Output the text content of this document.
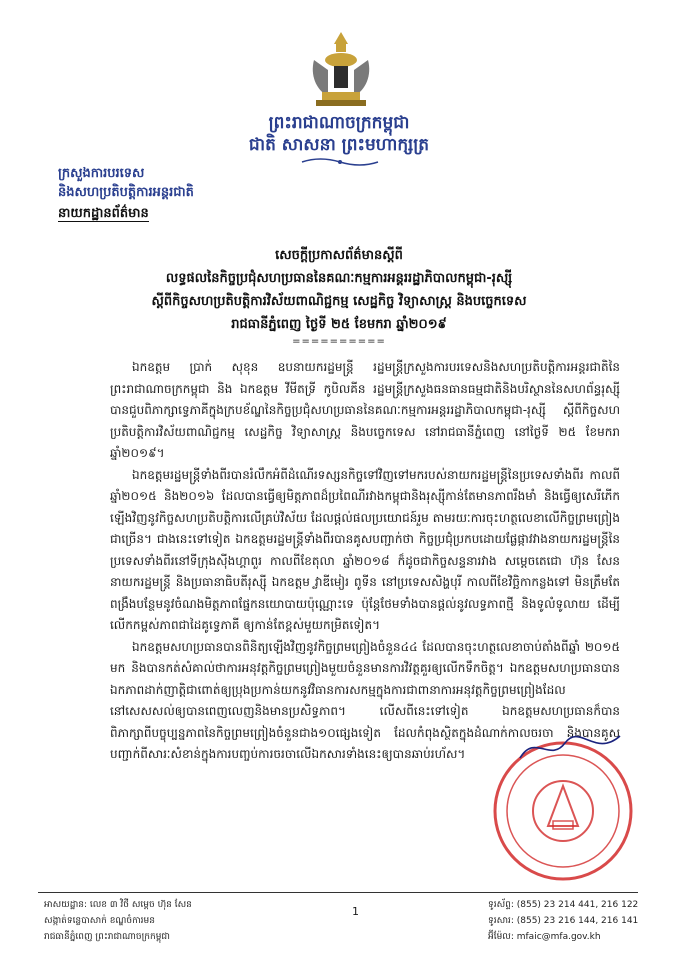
ព្រះរាជាណាចក្រកម្ពុជា
ជាតិ សាសនា ព្រះមហាក្សត្រ
ក្រសួងការបរទេស
និងសហប្រតិបត្តិការអន្តរជាតិ
នាយកដ្ឋានព័ត៌មាន
សេចក្តីប្រកាសព័ត៌មានស្តីពី
លទ្ធផលនៃកិច្ចប្រជុំសហប្រធាននៃគណៈកម្មការអន្តររដ្ឋាភិបាលកម្ពុជា-រុស្ស៊ី
ស្តីពីកិច្ចសហប្រតិបត្តិការវិស័យពាណិជ្ជកម្ម សេដ្ឋកិច្ច វិទ្យាសាស្ត្រ និងបច្ចេកទេស
រាជធានីភ្នំពេញ ថ្ងៃទី ២៥ ខែមករា ឆ្នាំ២០១៩
==========

ឯកឧត្តម ប្រាក់ សុខុន ឧបនាយករដ្ឋមន្ត្រី រដ្ឋមន្ត្រីក្រសួងការបរទេសនិងសហប្រតិបត្តិការអន្តរជាតិនៃព្រះរាជាណាចក្រកម្ពុជា និង ឯកឧត្តម វីមីតទ្រី កូបិលគីន រដ្ឋមន្ត្រីក្រសួងធនធានធម្មជាតិនិងបរិស្ថាននៃសហព័ន្ធរុស្ស៊ី បានជួបពិភាក្សាទ្វេភាគីក្នុងក្របខ័ណ្ឌនៃកិច្ចប្រជុំសហប្រធាននៃគណៈកម្មការអន្តររដ្ឋាភិបាលកម្ពុជា-រុស្ស៊ី ស្តីពីកិច្ចសហប្រតិបត្តិការវិស័យពាណិជ្ជកម្ម សេដ្ឋកិច្ច វិទ្យាសាស្ត្រ និងបច្ចេកទេស នៅរាជធានីភ្នំពេញ នៅថ្ងៃទី ២៥ ខែមករា ឆ្នាំ២០១៩។

ឯកឧត្តមរដ្ឋមន្ត្រីទាំងពីរបានរំលឹកអំពីដំណើរទស្សនកិច្ចទៅវិញទៅមករបស់នាយករដ្ឋមន្ត្រីនៃប្រទេសទាំងពីរ កាលពីឆ្នាំ២០១៥ និង២០១៦ ដែលបានធ្វើឲ្យមិត្តភាពដ៏ប្រពៃណីរវាងកម្ពុជានិងរុស្ស៊ីកាន់តែមានភាពរឹងមាំ និងធ្វើឲ្យសេរីភើកឡើងវិញនូវកិច្ចសហប្រតិបត្តិការលើគ្រប់វិស័យ ដែលផ្តល់ផលប្រយោជន៍រួម តាមរយៈការចុះហត្ថលេខាលើកិច្ចព្រមព្រៀងជាច្រើន។ ជាងនេះទៅទៀត ឯកឧត្តមរដ្ឋមន្ត្រីទាំងពីរបានគូសបញ្ជាក់ថា កិច្ចប្រជុំប្រកបដោយផ្លែផ្កាវវាងនាយករដ្ឋមន្ត្រីនៃប្រទេសទាំងពីរនៅទីក្រុងស៊ីងហ្គាពួរ កាលពីខែតុលា ឆ្នាំ២០១៨ ក៏ដូចជាកិច្ចសន្ទនារវាង សម្តេចតេជោ ហ៊ុន សែន នាយករដ្ឋមន្ត្រី និងប្រធានាធិបតីរុស្ស៊ី ឯកឧត្តម វ្លាឌីមៀរ ពូទីន នៅប្រទេសសិង្ហបុរី កាលពីខែវិច្ឆិកាកន្លងទៅ មិនត្រឹមតែពង្រឹងបន្ថែមនូវចំណងមិត្តភាពផ្នែកនយោបាយប៉ុណ្ណោះទេ ប៉ុន្តែថែមទាំងបានផ្តល់នូវលទ្ធភាពថ្មី និងទូលំទូលាយ ដើម្បីលើកកម្ពស់ភាពជាដៃគូទ្វេភាគី ឲ្យកាន់តែខ្ពស់មួយកម្រិតទៀត។

ឯកឧត្តមសហប្រធានបានពិនិត្យឡើងវិញនូវកិច្ចព្រមព្រៀងចំនួន៤៤ ដែលបានចុះហត្ថលេខាចាប់តាំងពីឆ្នាំ ២០១៥ មក និងបានកត់សំគាល់ថាការអនុវត្តកិច្ចព្រមព្រៀងមួយចំនួនមានការវិវត្តគួរឲ្យលើកទឹកចិត្ត។ ឯកឧត្តមសហប្រធានបានឯកភាពដាក់ញាត្តិជាពោត់ឲ្យប្រុងប្រកាន់យកនូវវិធានការសកម្មក្នុងការជាពានាការអនុវត្តកិច្ចព្រមព្រៀងដែលនៅសេសសល់ឲ្យបានពេញលេញនិងមានប្រសិទ្ធភាព។ លើសពីនេះទៅទៀត ឯកឧត្តមសហប្រធានក៏បានពិភាក្សាពីបច្ចុប្បន្នភាពនៃកិច្ចព្រមព្រៀងចំនួនជាង១០ផ្សេងទៀត ដែលកំពុងស្ថិតក្នុងដំណាក់កាលចរចា និងបានគូសបញ្ជាក់ពីសារៈសំខាន់ក្នុងការបញ្ចប់ការចរចាលើឯកសារទាំងនេះឲ្យបានឆាប់រហ័ស។

អាសយដ្ឋាន: លេខ ៣ វិថី សម្តេច ហ៊ុន សែន
សង្កាត់ទន្លេបាសាក់ ខណ្ឌចំការមន
រាជធានីភ្នំពេញ ព្រះរាជាណាចក្រកម្ពុជា
1	ទូរស័ព្ទ: (855) 23 214 441, 216 122
ទូរសារ: (855) 23 216 144, 216 141
អ៊ីម៉ែល: mfaic@mfa.gov.kh
